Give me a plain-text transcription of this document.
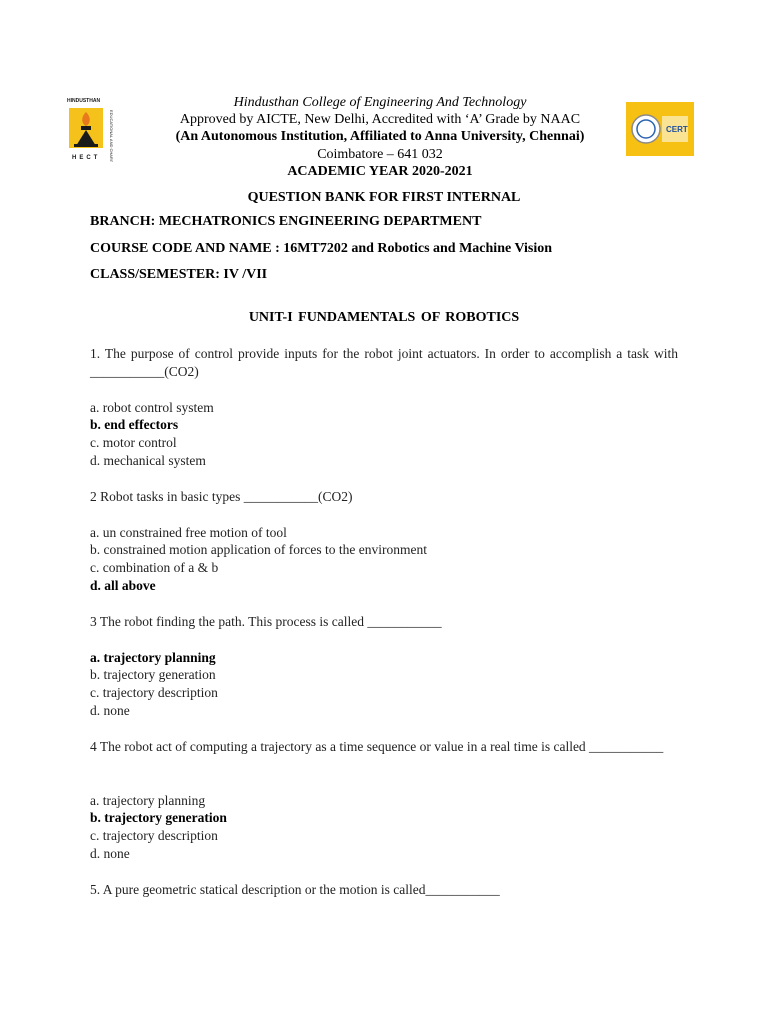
HINDUSTHAN
EDUCATIONAL AND CHARITABLE TRUST
HECT
CERT
Hindusthan College of Engineering And Technology
Approved by AICTE, New Delhi, Accredited with ‘A’ Grade by NAAC
(An Autonomous Institution, Affiliated to Anna University, Chennai)
Coimbatore – 641 032
ACADEMIC YEAR 2020-2021
QUESTION BANK FOR FIRST INTERNAL
BRANCH: MECHATRONICS ENGINEERING DEPARTMENT
COURSE CODE AND NAME : 16MT7202 and Robotics and Machine Vision
CLASS/SEMESTER: IV /VII
UNIT-I FUNDAMENTALS OF ROBOTICS
1. The purpose of control provide inputs for the robot joint actuators. In order to accomplish a task with ___________(CO2)
a. robot control system
b. end effectors
c. motor control
d. mechanical system
2 Robot tasks in basic types ___________(CO2)
a. un constrained free motion of tool
b. constrained motion application of forces to the environment
c. combination of a & b
d. all above
3 The robot finding the path. This process is called ___________
a. trajectory planning
b. trajectory generation
c. trajectory description
d. none
4 The robot act of computing a trajectory as a time sequence or value in a real time is called ___________
a. trajectory planning
b. trajectory generation
c. trajectory description
d. none
5. A pure geometric statical description or the motion is called___________
